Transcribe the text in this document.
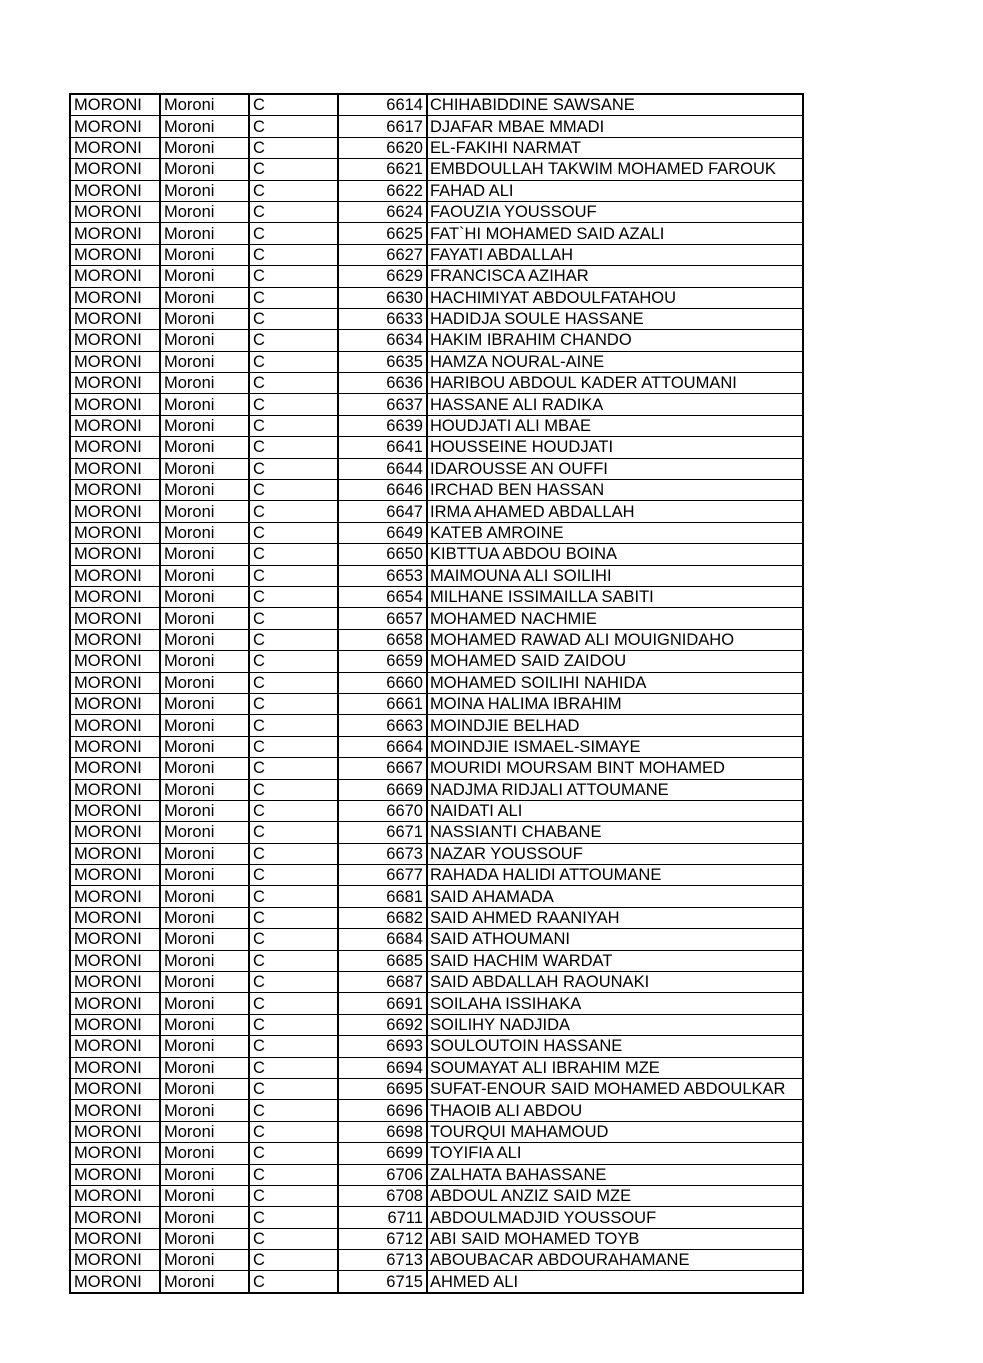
MORONI	Moroni	C	6614	CHIHABIDDINE SAWSANE
MORONI	Moroni	C	6617	DJAFAR MBAE MMADI
MORONI	Moroni	C	6620	EL-FAKIHI NARMAT
MORONI	Moroni	C	6621	EMBDOULLAH TAKWIM MOHAMED FAROUK
MORONI	Moroni	C	6622	FAHAD ALI
MORONI	Moroni	C	6624	FAOUZIA YOUSSOUF
MORONI	Moroni	C	6625	FAT`HI MOHAMED SAID AZALI
MORONI	Moroni	C	6627	FAYATI ABDALLAH
MORONI	Moroni	C	6629	FRANCISCA AZIHAR
MORONI	Moroni	C	6630	HACHIMIYAT ABDOULFATAHOU
MORONI	Moroni	C	6633	HADIDJA SOULE HASSANE
MORONI	Moroni	C	6634	HAKIM IBRAHIM CHANDO
MORONI	Moroni	C	6635	HAMZA NOURAL-AINE
MORONI	Moroni	C	6636	HARIBOU ABDOUL KADER ATTOUMANI
MORONI	Moroni	C	6637	HASSANE ALI RADIKA
MORONI	Moroni	C	6639	HOUDJATI ALI MBAE
MORONI	Moroni	C	6641	HOUSSEINE HOUDJATI
MORONI	Moroni	C	6644	IDAROUSSE AN OUFFI
MORONI	Moroni	C	6646	IRCHAD BEN HASSAN
MORONI	Moroni	C	6647	IRMA AHAMED ABDALLAH
MORONI	Moroni	C	6649	KATEB AMROINE
MORONI	Moroni	C	6650	KIBTTUA ABDOU BOINA
MORONI	Moroni	C	6653	MAIMOUNA ALI SOILIHI
MORONI	Moroni	C	6654	MILHANE ISSIMAILLA SABITI
MORONI	Moroni	C	6657	MOHAMED NACHMIE
MORONI	Moroni	C	6658	MOHAMED RAWAD ALI MOUIGNIDAHO
MORONI	Moroni	C	6659	MOHAMED SAID ZAIDOU
MORONI	Moroni	C	6660	MOHAMED SOILIHI NAHIDA
MORONI	Moroni	C	6661	MOINA HALIMA IBRAHIM
MORONI	Moroni	C	6663	MOINDJIE BELHAD
MORONI	Moroni	C	6664	MOINDJIE ISMAEL-SIMAYE
MORONI	Moroni	C	6667	MOURIDI MOURSAM BINT MOHAMED
MORONI	Moroni	C	6669	NADJMA RIDJALI ATTOUMANE
MORONI	Moroni	C	6670	NAIDATI ALI
MORONI	Moroni	C	6671	NASSIANTI CHABANE
MORONI	Moroni	C	6673	NAZAR YOUSSOUF
MORONI	Moroni	C	6677	RAHADA HALIDI ATTOUMANE
MORONI	Moroni	C	6681	SAID AHAMADA
MORONI	Moroni	C	6682	SAID AHMED RAANIYAH
MORONI	Moroni	C	6684	SAID ATHOUMANI
MORONI	Moroni	C	6685	SAID HACHIM WARDAT
MORONI	Moroni	C	6687	SAID ABDALLAH RAOUNAKI
MORONI	Moroni	C	6691	SOILAHA ISSIHAKA
MORONI	Moroni	C	6692	SOILIHY NADJIDA
MORONI	Moroni	C	6693	SOULOUTOIN HASSANE
MORONI	Moroni	C	6694	SOUMAYAT ALI IBRAHIM MZE
MORONI	Moroni	C	6695	SUFAT-ENOUR SAID MOHAMED ABDOULKAR
MORONI	Moroni	C	6696	THAOIB ALI ABDOU
MORONI	Moroni	C	6698	TOURQUI MAHAMOUD
MORONI	Moroni	C	6699	TOYIFIA ALI
MORONI	Moroni	C	6706	ZALHATA BAHASSANE
MORONI	Moroni	C	6708	ABDOUL ANZIZ SAID MZE
MORONI	Moroni	C	6711	ABDOULMADJID YOUSSOUF
MORONI	Moroni	C	6712	ABI SAID MOHAMED TOYB
MORONI	Moroni	C	6713	ABOUBACAR ABDOURAHAMANE
MORONI	Moroni	C	6715	AHMED ALI
